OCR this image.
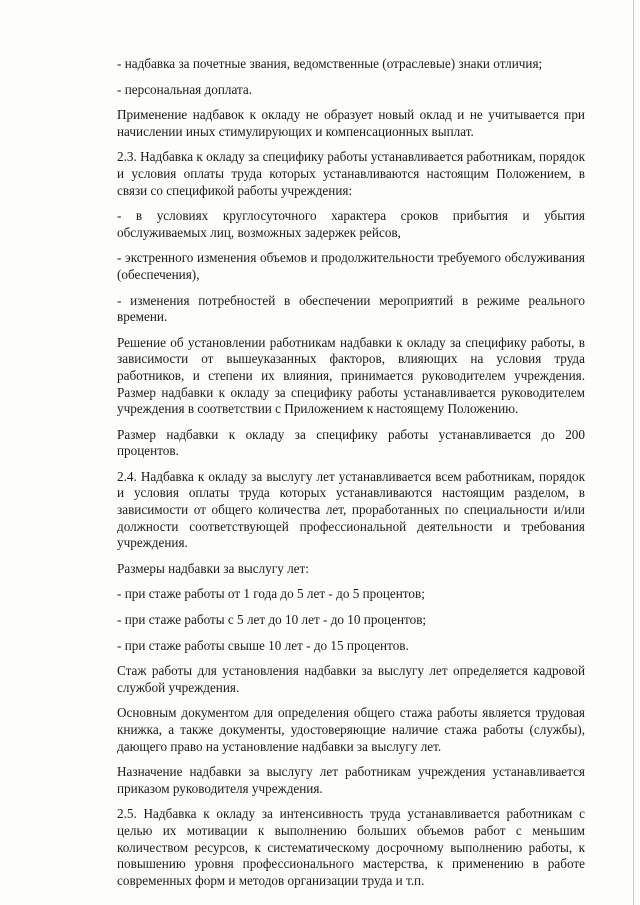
- надбавка за почетные звания, ведомственные (отраслевые) знаки отличия;

- персональная доплата.

Применение надбавок к окладу не образует новый оклад и не учитывается при начислении иных стимулирующих и компенсационных выплат.

2.3. Надбавка к окладу за специфику работы устанавливается работникам, порядок и условия оплаты труда которых устанавливаются настоящим Положением, в связи со спецификой работы учреждения:

- в условиях круглосуточного характера сроков прибытия и убытия обслуживаемых лиц, возможных задержек рейсов,

- экстренного изменения объемов и продолжительности требуемого обслуживания (обеспечения),

- изменения потребностей в обеспечении мероприятий в режиме реального времени.

Решение об установлении работникам надбавки к окладу за специфику работы, в зависимости от вышеуказанных факторов, влияющих на условия труда работников, и степени их влияния, принимается руководителем учреждения. Размер надбавки к окладу за специфику работы устанавливается руководителем учреждения в соответствии с Приложением к настоящему Положению.

Размер надбавки к окладу за специфику работы устанавливается до 200 процентов.

2.4. Надбавка к окладу за выслугу лет устанавливается всем работникам, порядок и условия оплаты труда которых устанавливаются настоящим разделом, в зависимости от общего количества лет, проработанных по специальности и/или должности соответствующей профессиональной деятельности и требования учреждения.

Размеры надбавки за выслугу лет:

- при стаже работы от 1 года до 5 лет - до 5 процентов;

- при стаже работы с 5 лет до 10 лет - до 10 процентов;

- при стаже работы свыше 10 лет - до 15 процентов.

Стаж работы для установления надбавки за выслугу лет определяется кадровой службой учреждения.

Основным документом для определения общего стажа работы является трудовая книжка, а также документы, удостоверяющие наличие стажа работы (службы), дающего право на установление надбавки за выслугу лет.

Назначение надбавки за выслугу лет работникам учреждения устанавливается приказом руководителя учреждения.

2.5. Надбавка к окладу за интенсивность труда устанавливается работникам с целью их мотивации к выполнению больших объемов работ с меньшим количеством ресурсов, к систематическому досрочному выполнению работы, к повышению уровня профессионального мастерства, к применению в работе современных форм и методов организации труда и т.п.
